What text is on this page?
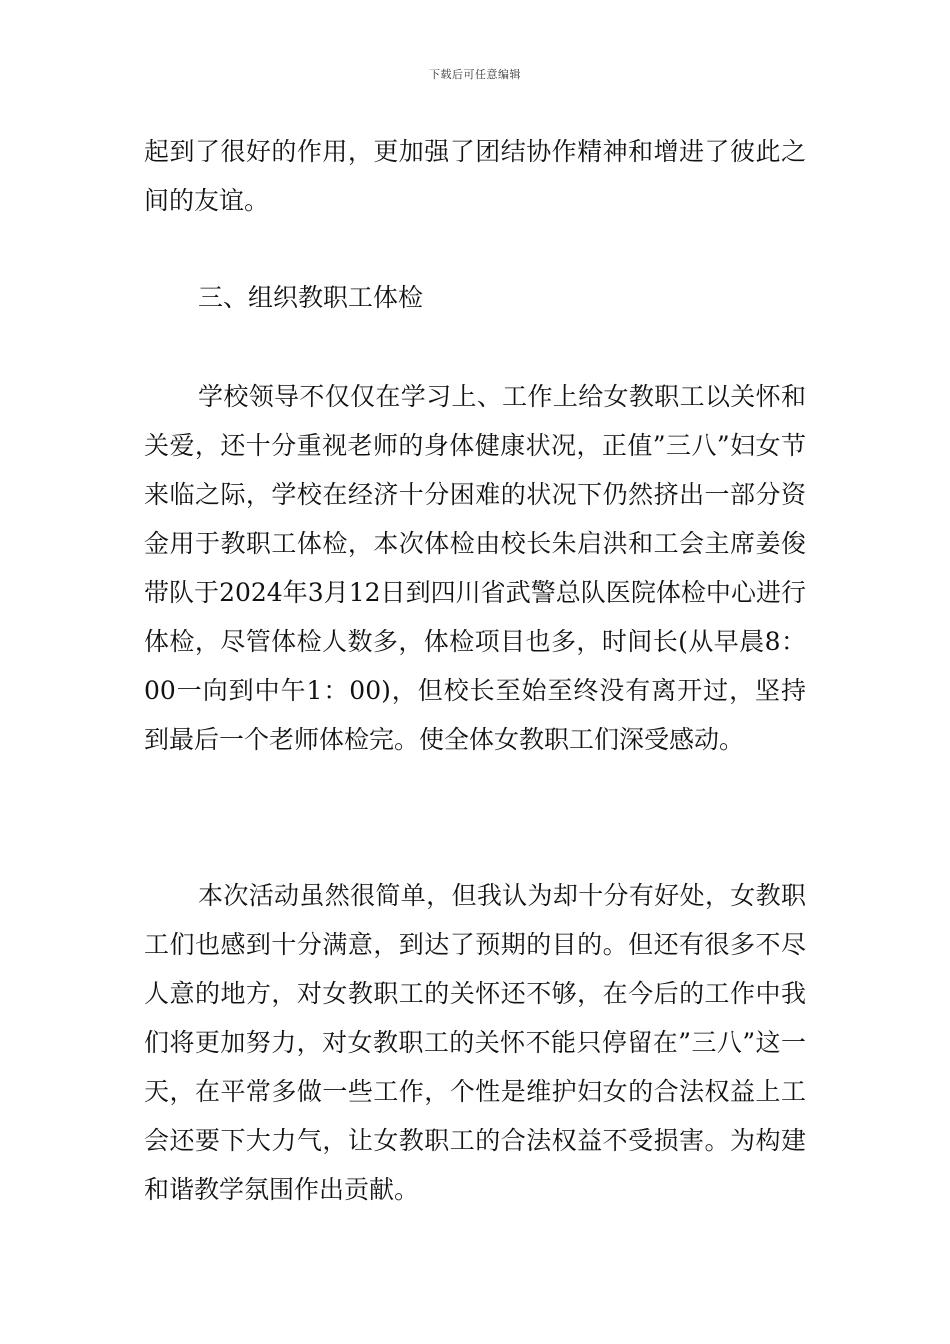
下载后可任意编辑

起到了很好的作用，更加强了团结协作精神和增进了彼此之间的友谊。

三、组织教职工体检

学校领导不仅仅在学习上、工作上给女教职工以关怀和关爱，还十分重视老师的身体健康状况，正值”三八”妇女节来临之际，学校在经济十分困难的状况下仍然挤出一部分资金用于教职工体检，本次体检由校长朱启洪和工会主席姜俊带队于2024年3月12日到四川省武警总队医院体检中心进行体检，尽管体检人数多，体检项目也多，时间长(从早晨8：00一向到中午1：00)，但校长至始至终没有离开过，坚持到最后一个老师体检完。使全体女教职工们深受感动。

本次活动虽然很简单，但我认为却十分有好处，女教职工们也感到十分满意，到达了预期的目的。但还有很多不尽人意的地方，对女教职工的关怀还不够，在今后的工作中我们将更加努力，对女教职工的关怀不能只停留在”三八”这一天，在平常多做一些工作，个性是维护妇女的合法权益上工会还要下大力气，让女教职工的合法权益不受损害。为构建和谐教学氛围作出贡献。
